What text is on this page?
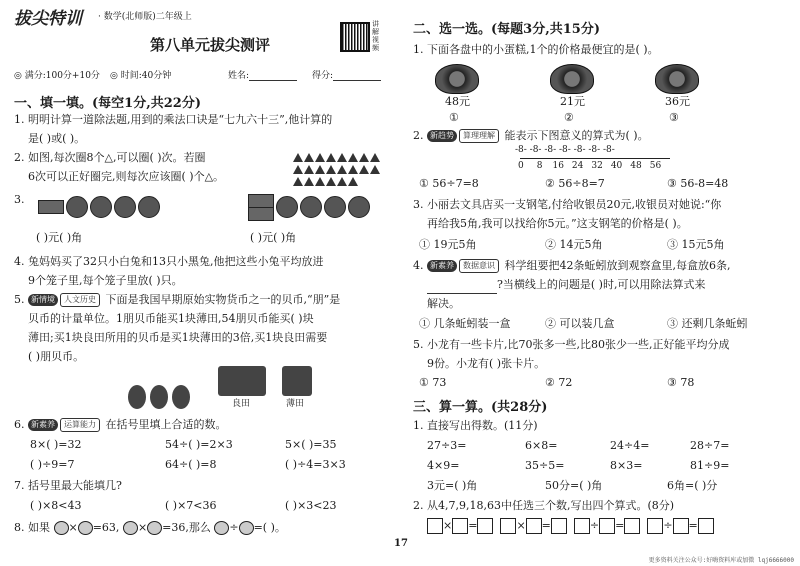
拔尖特训 · 数学(北师版)二年级上
第八单元拔尖测评
讲解视频
◎ 满分:100分+10分 ◎ 时间:40分钟	姓名:	得分:
一、填一填。(每空1分,共22分)
1. 明明计算一道除法题,用到的乘法口诀是“七九六十三”,他计算的
是( )或( )。
2. 如图,每次圈8个△,可以圈( )次。若圈
6次可以正好圈完,则每次应该圈( )个△。
3.
( )元( )角	( )元( )角
4. 兔妈妈买了32只小白兔和13只小黑兔,他把这些小兔平均放进
9个笼子里,每个笼子里放( )只。
5. 新情境 人文历史 下面是我国早期原始实物货币之一的贝币,“朋”是
贝币的计量单位。1朋贝币能买1块薄田,54朋贝币能买( )块
薄田;买1块良田所用的贝币是买1块薄田的3倍,买1块良田需要
( )朋贝币。
良田	薄田
6. 新素养 运算能力 在括号里填上合适的数。
8×( )=32	54÷( )=2×3	5×( )=35
( )÷9=7	64÷( )=8	( )÷4=3×3
7. 括号里最大能填几?
( )×8<43	( )×7<36	( )×3<23
8. 如果 × =63, × =36,那么 ÷ =( )。
17
二、选一选。(每题3分,共15分)
1. 下面各盘中的小蛋糕,1个的价格最便宜的是( )。
48元	21元	36元
①	②	③
2. 新趋势 算理理解 能表示下图意义的算式为( )。
-8- -8- -8- -8- -8- -8- -8-
0 8 16 24 32 40 48 56
① 56÷7=8	② 56÷8=7	③ 56-8=48
3. 小丽去文具店买一支钢笔,付给收银员20元,收银员对她说:“你
再给我5角,我可以找给你5元。”这支钢笔的价格是( )。
① 19元5角	② 14元5角	③ 15元5角
4. 新素养 数据意识 科学组要把42条蚯蚓放到观察盒里,每盒放6条,
?当横线上的问题是( )时,可以用除法算式来
解决。
① 几条蚯蚓装一盒	② 可以装几盒	③ 还剩几条蚯蚓
5. 小龙有一些卡片,比70张多一些,比80张少一些,正好能平均分成
9份。小龙有( )张卡片。
① 73	② 72	③ 78
三、算一算。(共28分)
1. 直接写出得数。(11分)
27÷3=	6×8=	24÷4=	28÷7=
4×9=	35÷5=	8×3=	81÷9=
3元=( )角	50分=( )角	6角=( )分
2. 从4,7,9,18,63中任选三个数,写出四个算式。(8分)
× =	× =	÷ =	÷ =
更多资料关注公众号:好嗨资料库或加微 lqj6666000
